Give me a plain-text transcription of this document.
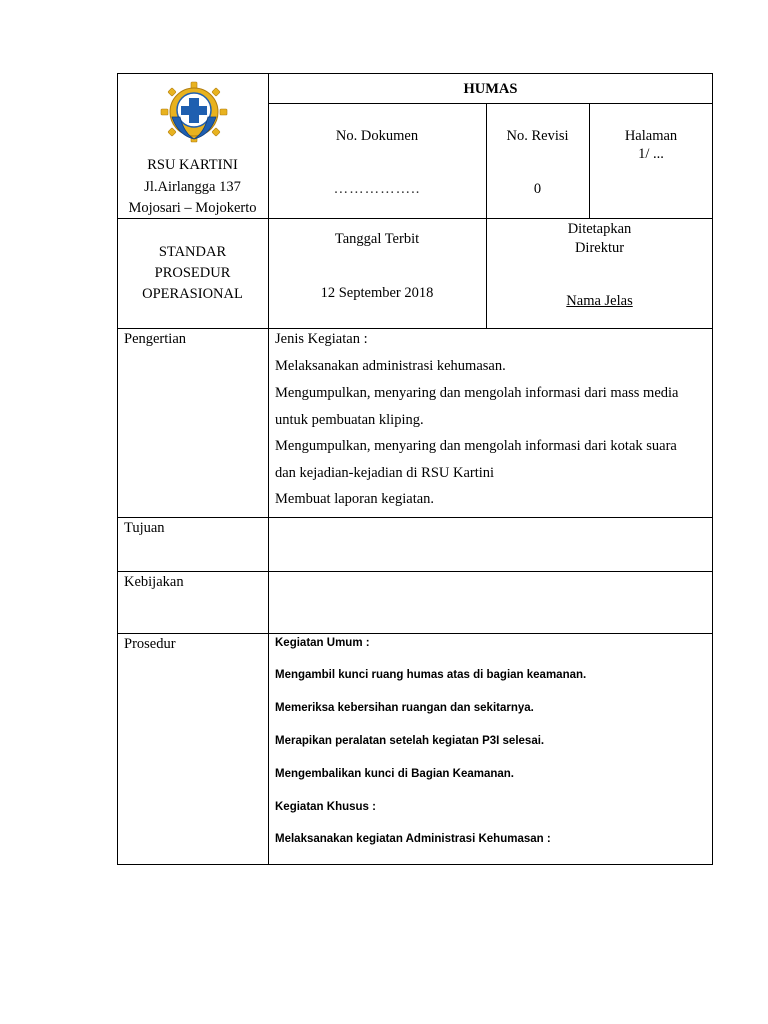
RSU KARTINI
Jl.Airlangga 137
Mojosari – Mojokerto
HUMAS
No. Dokumen
……………..
No. Revisi
0
Halaman
1/ ...
STANDAR
PROSEDUR
OPERASIONAL
Tanggal Terbit
12 September 2018
Ditetapkan
Direktur
Nama Jelas
Pengertian	Jenis Kegiatan :
Melaksanakan administrasi kehumasan.
Mengumpulkan, menyaring dan mengolah informasi dari mass media
untuk pembuatan kliping.
Mengumpulkan, menyaring dan mengolah informasi dari kotak suara
dan kejadian-kejadian di RSU Kartini
Membuat laporan kegiatan.
Tujuan
Kebijakan
Prosedur	Kegiatan Umum :
Mengambil kunci ruang humas atas di bagian keamanan.
Memeriksa kebersihan ruangan dan sekitarnya.
Merapikan peralatan setelah kegiatan P3I selesai.
Mengembalikan kunci di Bagian Keamanan.
Kegiatan Khusus :
Melaksanakan kegiatan Administrasi Kehumasan :
